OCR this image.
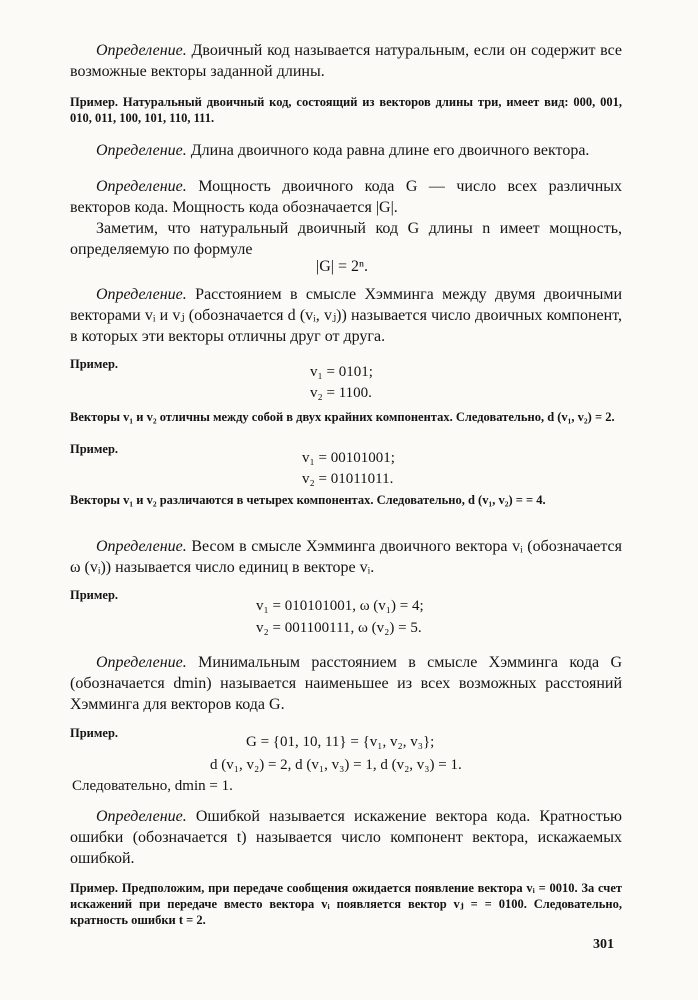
Определение. Двоичный код называется натуральным, если он содержит все возможные векторы заданной длины.

Пример. Натуральный двоичный код, состоящий из векторов длины три, имеет вид: 000, 001, 010, 011, 100, 101, 110, 111.

Определение. Длина двоичного кода равна длине его двоичного вектора.

Определение. Мощность двоичного кода G — число всех различных векторов кода. Мощность кода обозначается |G|.

Заметим, что натуральный двоичный код G длины n имеет мощность, определяемую по формуле

|G| = 2ⁿ.

Определение. Расстоянием в смысле Хэмминга между двумя двоичными векторами vᵢ и vⱼ (обозначается d (vᵢ, vⱼ)) называется число двоичных компонент, в которых эти векторы отличны друг от друга.

Пример.	v₁ = 0101;
v₂ = 1100.

Векторы v₁ и v₂ отличны между собой в двух крайних компонентах. Следовательно, d (v₁, v₂) = 2.

Пример.
v₁ = 00101001;
v₂ = 01011011.

Векторы v₁ и v₂ различаются в четырех компонентах. Следовательно, d (v₁, v₂) = = 4.

Определение. Весом в смысле Хэмминга двоичного вектора vᵢ (обозначается ω (vᵢ)) называется число единиц в векторе vᵢ.

Пример.
v₁ = 010101001, ω (v₁) = 4;
v₂ = 001100111, ω (v₂) = 5.

Определение. Минимальным расстоянием в смысле Хэмминга кода G (обозначается dmin) называется наименьшее из всех возможных расстояний Хэмминга для векторов кода G.

Пример.
G = {01, 10, 11} = {v₁, v₂, v₃};
d (v₁, v₂) = 2, d (v₁, v₃) = 1, d (v₂, v₃) = 1.
Следовательно, dmin = 1.

Определение. Ошибкой называется искажение вектора кода. Кратностью ошибки (обозначается t) называется число компонент вектора, искажаемых ошибкой.

Пример. Предположим, при передаче сообщения ожидается появление вектора vᵢ = 0010. За счет искажений при передаче вместо вектора vᵢ появляется вектор vⱼ = = 0100. Следовательно, кратность ошибки t = 2.

301
